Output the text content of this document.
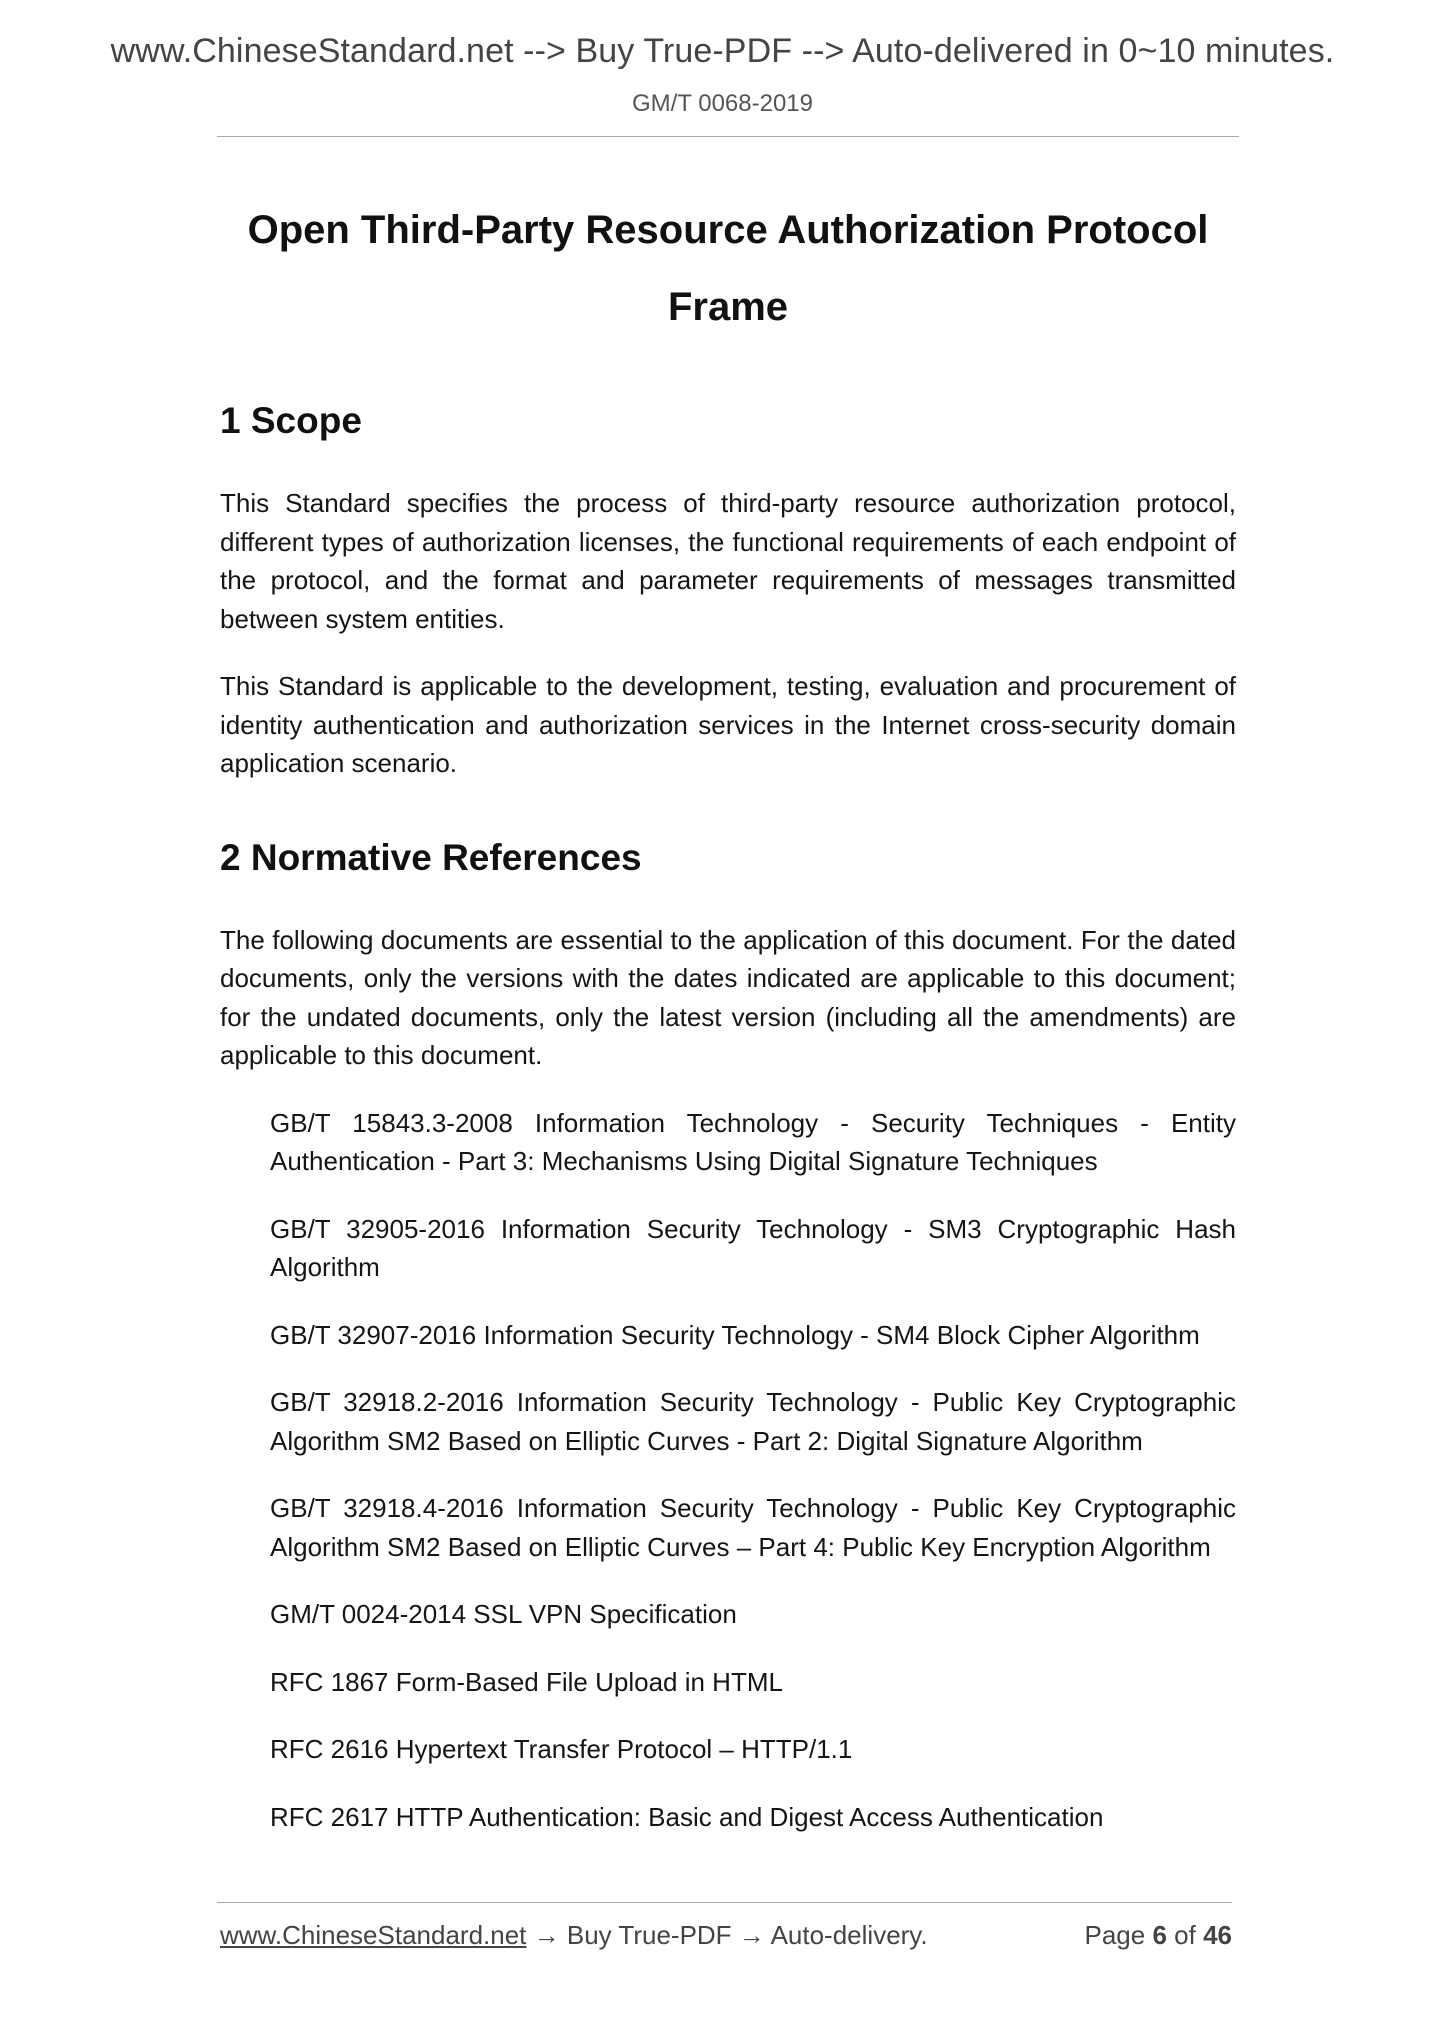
www.ChineseStandard.net --> Buy True-PDF --> Auto-delivered in 0~10 minutes.
GM/T 0068-2019
Open Third-Party Resource Authorization Protocol
Frame
1 Scope

This Standard specifies the process of third-party resource authorization protocol, different types of authorization licenses, the functional requirements of each endpoint of the protocol, and the format and parameter requirements of messages transmitted between system entities.

This Standard is applicable to the development, testing, evaluation and procurement of identity authentication and authorization services in the Internet cross-security domain application scenario.

2 Normative References

The following documents are essential to the application of this document. For the dated documents, only the versions with the dates indicated are applicable to this document; for the undated documents, only the latest version (including all the amendments) are applicable to this document.

GB/T 15843.3-2008 Information Technology - Security Techniques - Entity Authentication - Part 3: Mechanisms Using Digital Signature Techniques

GB/T 32905-2016 Information Security Technology - SM3 Cryptographic Hash Algorithm

GB/T 32907-2016 Information Security Technology - SM4 Block Cipher Algorithm

GB/T 32918.2-2016 Information Security Technology - Public Key Cryptographic Algorithm SM2 Based on Elliptic Curves - Part 2: Digital Signature Algorithm

GB/T 32918.4-2016 Information Security Technology - Public Key Cryptographic Algorithm SM2 Based on Elliptic Curves – Part 4: Public Key Encryption Algorithm

GM/T 0024-2014 SSL VPN Specification

RFC 1867 Form-Based File Upload in HTML

RFC 2616 Hypertext Transfer Protocol – HTTP/1.1

RFC 2617 HTTP Authentication: Basic and Digest Access Authentication

www.ChineseStandard.net → Buy True-PDF → Auto-delivery.	Page 6 of 46
